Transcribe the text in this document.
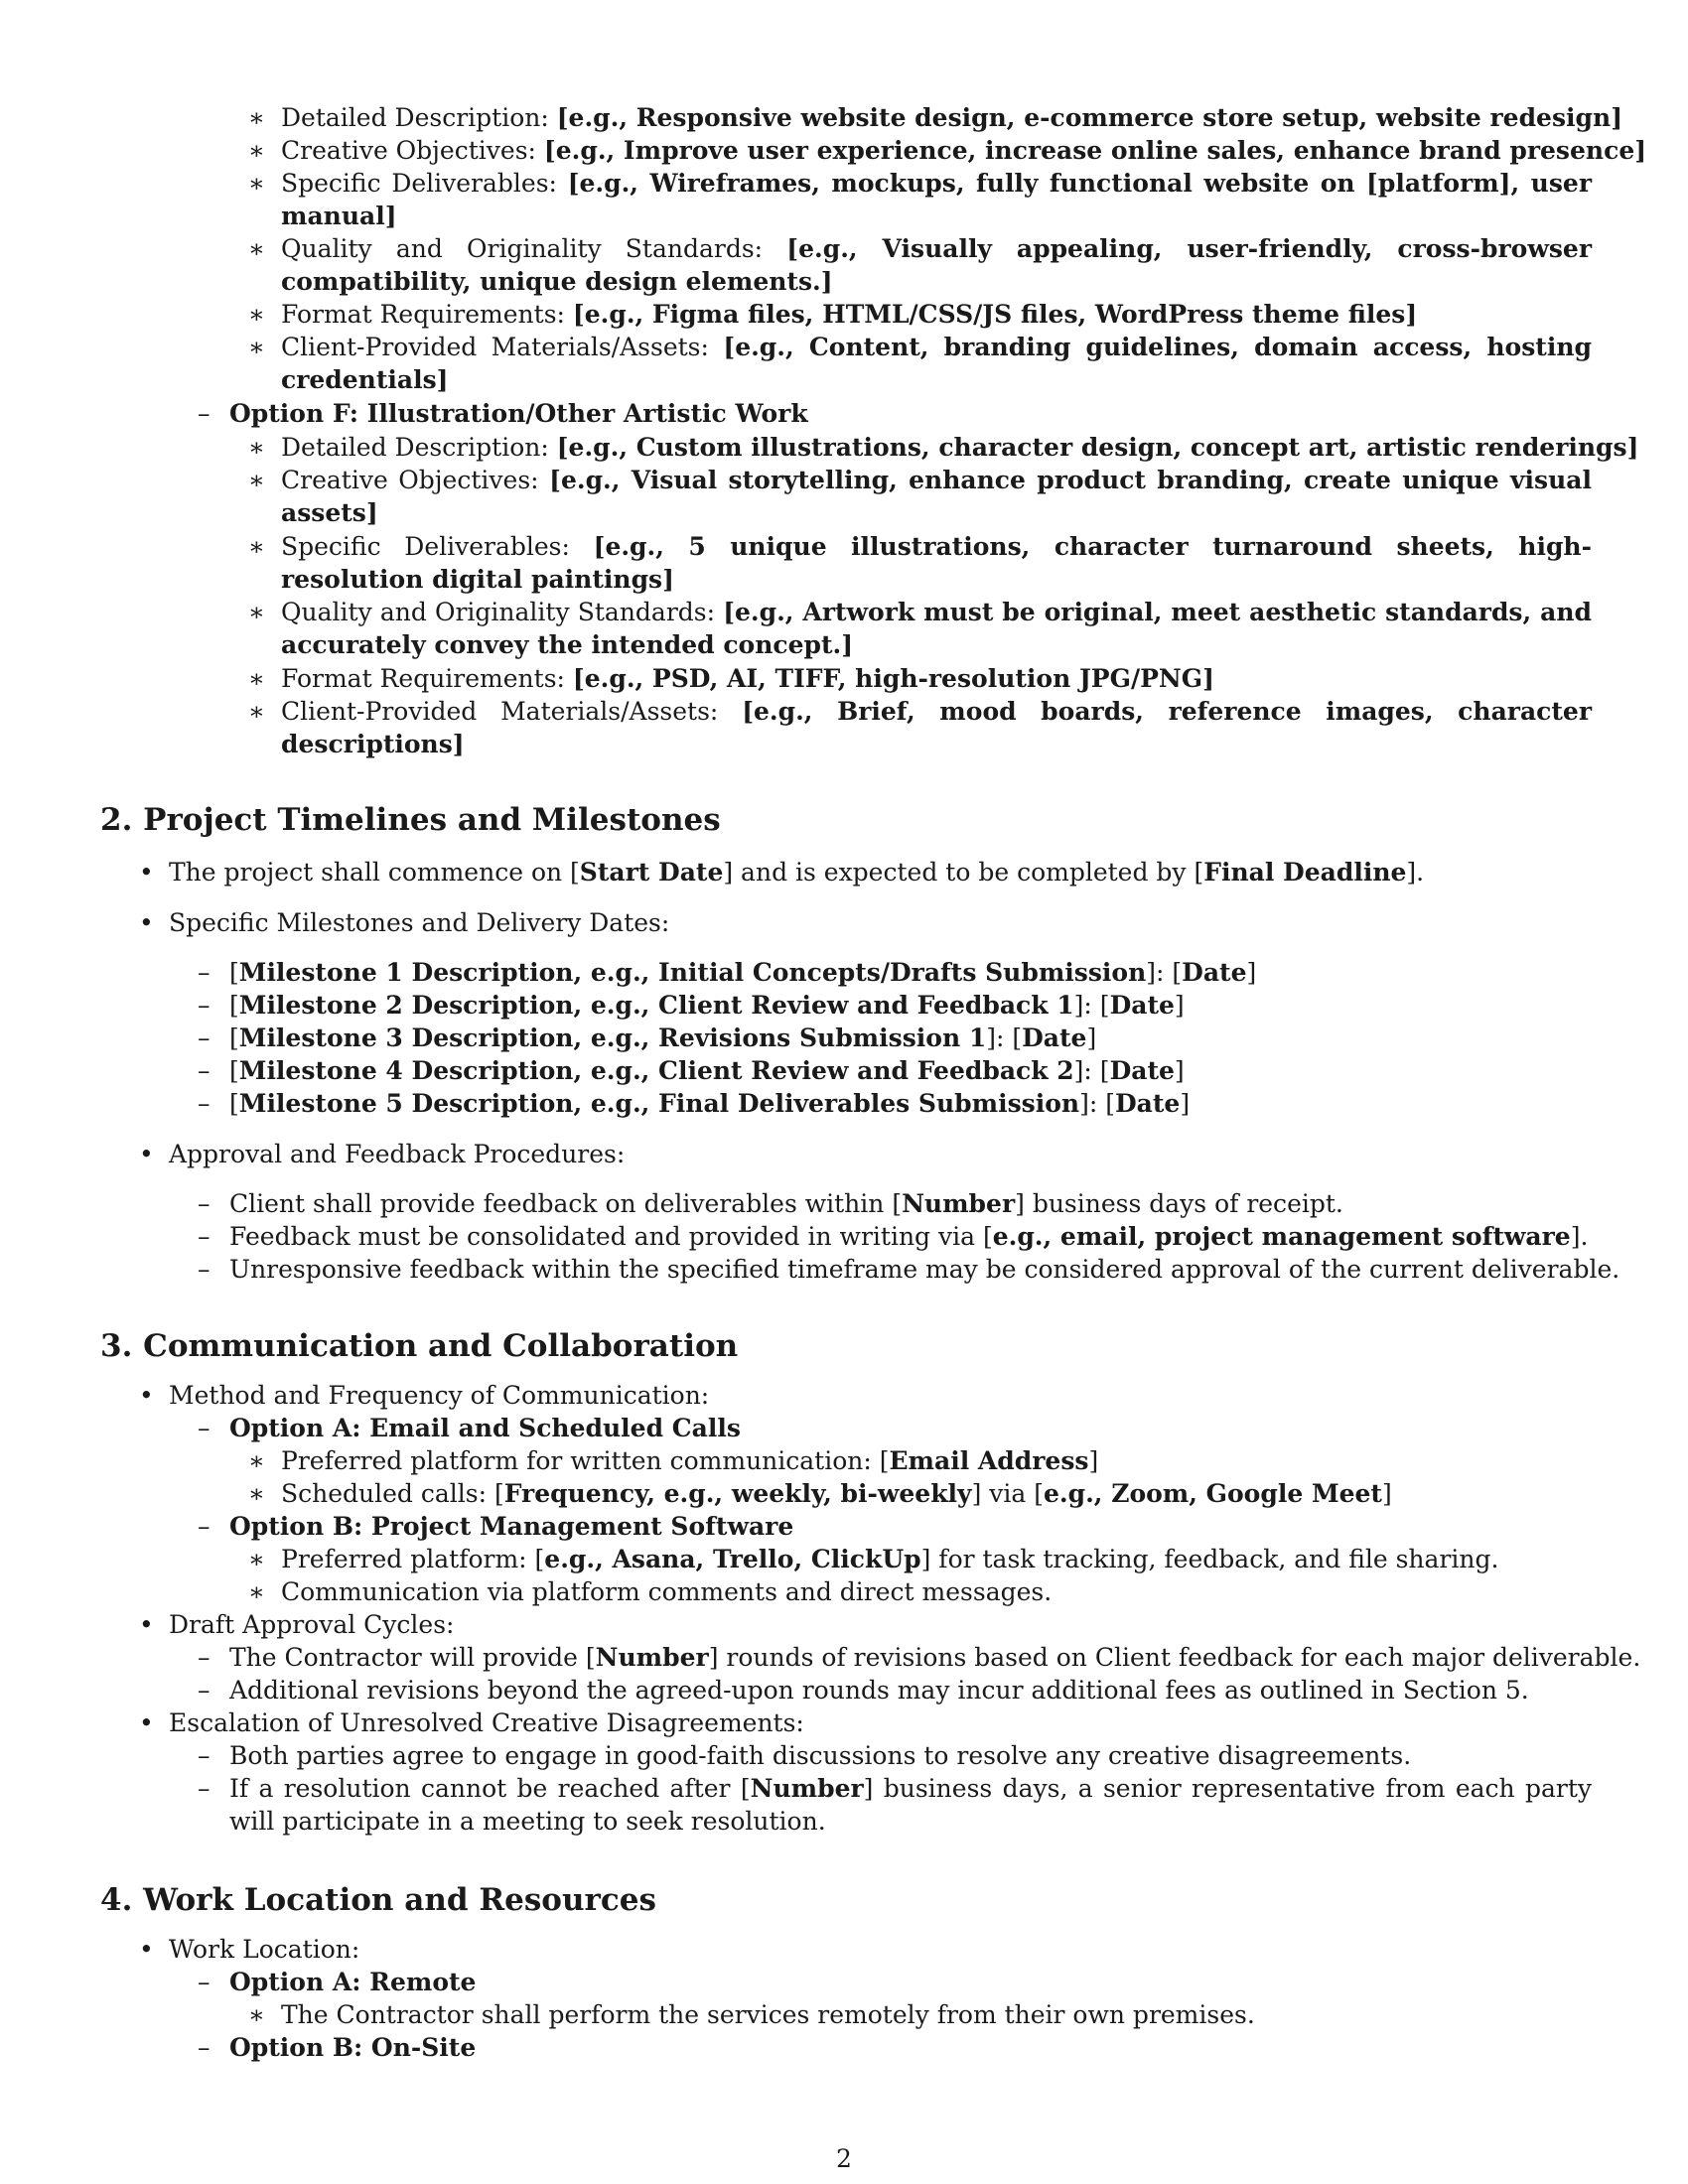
∗ Detailed Description: [e.g., Responsive website design, e-commerce store setup, website redesign]
∗ Creative Objectives: [e.g., Improve user experience, increase online sales, enhance brand presence]
∗ Specific Deliverables: [e.g., Wireframes, mockups, fully functional website on [platform], user manual]
∗ Quality and Originality Standards: [e.g., Visually appealing, user-friendly, cross-browser compatibility, unique design elements.]
∗ Format Requirements: [e.g., Figma files, HTML/CSS/JS files, WordPress theme files]
∗ Client-Provided Materials/Assets: [e.g., Content, branding guidelines, domain access, hosting credentials]
– Option F: Illustration/Other Artistic Work
∗ Detailed Description: [e.g., Custom illustrations, character design, concept art, artistic renderings]
∗ Creative Objectives: [e.g., Visual storytelling, enhance product branding, create unique visual assets]
∗ Specific Deliverables: [e.g., 5 unique illustrations, character turnaround sheets, high-resolution digital paintings]
∗ Quality and Originality Standards: [e.g., Artwork must be original, meet aesthetic standards, and accurately convey the intended concept.]
∗ Format Requirements: [e.g., PSD, AI, TIFF, high-resolution JPG/PNG]
∗ Client-Provided Materials/Assets: [e.g., Brief, mood boards, reference images, character descriptions]
2. Project Timelines and Milestones
• The project shall commence on [Start Date] and is expected to be completed by [Final Deadline].
• Specific Milestones and Delivery Dates:
– [Milestone 1 Description, e.g., Initial Concepts/Drafts Submission]: [Date]
– [Milestone 2 Description, e.g., Client Review and Feedback 1]: [Date]
– [Milestone 3 Description, e.g., Revisions Submission 1]: [Date]
– [Milestone 4 Description, e.g., Client Review and Feedback 2]: [Date]
– [Milestone 5 Description, e.g., Final Deliverables Submission]: [Date]
• Approval and Feedback Procedures:
– Client shall provide feedback on deliverables within [Number] business days of receipt.
– Feedback must be consolidated and provided in writing via [e.g., email, project management software].
– Unresponsive feedback within the specified timeframe may be considered approval of the current deliverable.
3. Communication and Collaboration
• Method and Frequency of Communication:
– Option A: Email and Scheduled Calls
∗ Preferred platform for written communication: [Email Address]
∗ Scheduled calls: [Frequency, e.g., weekly, bi-weekly] via [e.g., Zoom, Google Meet]
– Option B: Project Management Software
∗ Preferred platform: [e.g., Asana, Trello, ClickUp] for task tracking, feedback, and file sharing.
∗ Communication via platform comments and direct messages.
• Draft Approval Cycles:
– The Contractor will provide [Number] rounds of revisions based on Client feedback for each major deliverable.
– Additional revisions beyond the agreed-upon rounds may incur additional fees as outlined in Section 5.
• Escalation of Unresolved Creative Disagreements:
– Both parties agree to engage in good-faith discussions to resolve any creative disagreements.
– If a resolution cannot be reached after [Number] business days, a senior representative from each party will participate in a meeting to seek resolution.
4. Work Location and Resources
• Work Location:
– Option A: Remote
∗ The Contractor shall perform the services remotely from their own premises.
– Option B: On-Site
2
